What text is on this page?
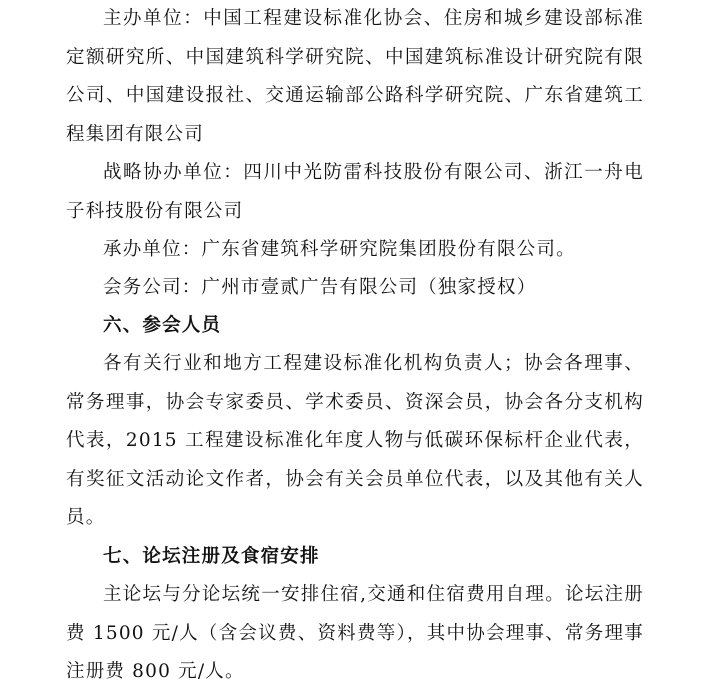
主办单位：中国工程建设标准化协会、住房和城乡建设部标准定额研究所、中国建筑科学研究院、中国建筑标准设计研究院有限公司、中国建设报社、交通运输部公路科学研究院、广东省建筑工程集团有限公司

战略协办单位：四川中光防雷科技股份有限公司、浙江一舟电子科技股份有限公司

承办单位：广东省建筑科学研究院集团股份有限公司。

会务公司：广州市壹贰广告有限公司（独家授权）

六、参会人员

各有关行业和地方工程建设标准化机构负责人；协会各理事、常务理事，协会专家委员、学术委员、资深会员，协会各分支机构代表，2015 工程建设标准化年度人物与低碳环保标杆企业代表，有奖征文活动论文作者，协会有关会员单位代表，以及其他有关人员。

七、论坛注册及食宿安排

主论坛与分论坛统一安排住宿,交通和住宿费用自理。论坛注册费 1500 元/人（含会议费、资料费等），其中协会理事、常务理事注册费 800 元/人。
